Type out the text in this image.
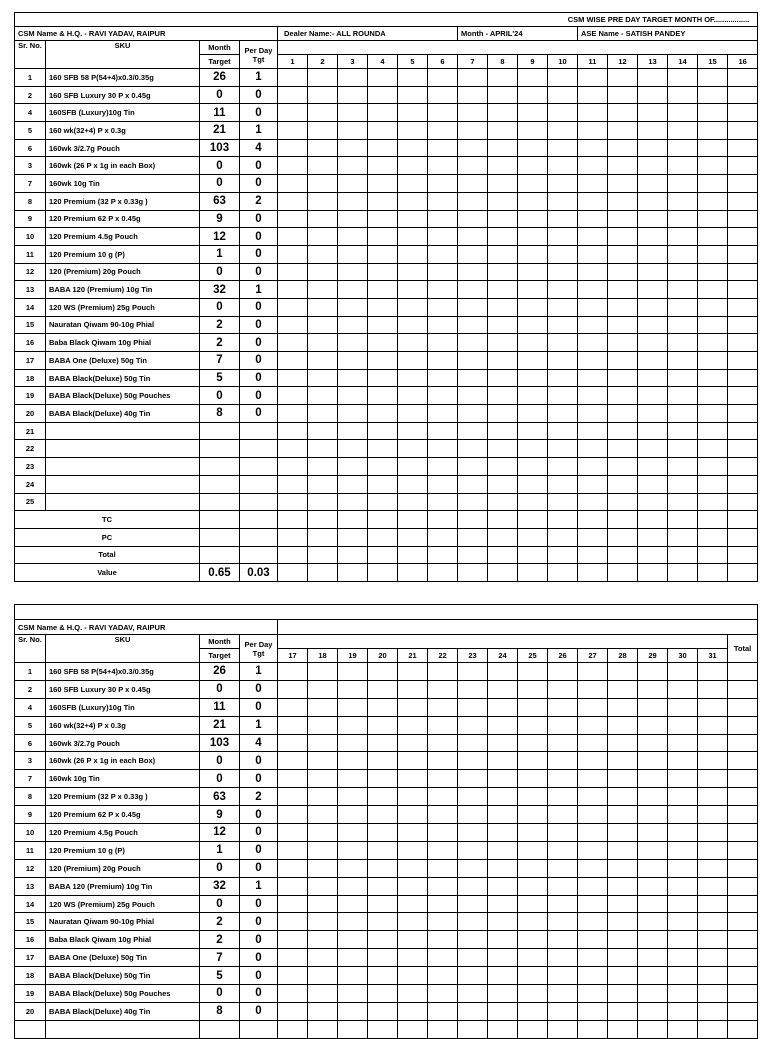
CSM WISE PRE DAY TARGET MONTH OF.................																			
CSM Name & H.Q. - RAVI YADAV, RAIPUR				Dealer Name:- ALL ROUNDA						Month - APRIL'24				ASE Name - SATISH PANDEY					
Sr. No.	SKU	Month	Per Day
Tgt																

		Target		1	2	3	4	5	6	7	8	9	10	11	12	13	14	15	16
1	160 SFB 58 P(54+4)x0.3/0.35g	26	1																
2	160 SFB Luxury 30 P x 0.45g	0	0																
4	160SFB (Luxury)10g Tin	11	0																
5	160 wk(32+4) P x 0.3g	21	1																
6	160wk 3/2.7g Pouch	103	4																
3	160wk (26 P x 1g in each Box)	0	0																
7	160wk 10g Tin	0	0																
8	120 Premium (32 P x 0.33g )	63	2																
9	120 Premium 62 P x 0.45g	9	0																
10	120 Premium 4.5g Pouch	12	0																
11	120 Premium 10 g (P)	1	0																
12	120 (Premium) 20g Pouch	0	0																
13	BABA 120 (Premium) 10g Tin	32	1																
14	120 WS (Premium) 25g Pouch	0	0																
15	Nauratan Qiwam 90-10g Phial	2	0																
16	Baba Black Qiwam 10g Phial	2	0																
17	BABA One (Deluxe) 50g Tin	7	0																
18	BABA Black(Deluxe) 50g Tin	5	0																
19	BABA Black(Deluxe) 50g Pouches	0	0																
20	BABA Black(Deluxe) 40g Tin	8	0																
21																			
22																			
23																			
24																			
25																			
TC																			
PC																			
Total																			
Value		0.65	0.03																

CSM Name & H.Q. - RAVI YADAV, RAIPUR																			
Sr. No.	SKU	Month	Per Day
Tgt																Total
		Target		17	18	19	20	21	22	23	24	25	26	27	28	29	30	31	
1	160 SFB 58 P(54+4)x0.3/0.35g	26	1																
2	160 SFB Luxury 30 P x 0.45g	0	0																
4	160SFB (Luxury)10g Tin	11	0																
5	160 wk(32+4) P x 0.3g	21	1																
6	160wk 3/2.7g Pouch	103	4																
3	160wk (26 P x 1g in each Box)	0	0																
7	160wk 10g Tin	0	0																
8	120 Premium (32 P x 0.33g )	63	2																
9	120 Premium 62 P x 0.45g	9	0																
10	120 Premium 4.5g Pouch	12	0																
11	120 Premium 10 g (P)	1	0																
12	120 (Premium) 20g Pouch	0	0																
13	BABA 120 (Premium) 10g Tin	32	1																
14	120 WS (Premium) 25g Pouch	0	0																
15	Nauratan Qiwam 90-10g Phial	2	0																
16	Baba Black Qiwam 10g Phial	2	0																
17	BABA One (Deluxe) 50g Tin	7	0																
18	BABA Black(Deluxe) 50g Tin	5	0																
19	BABA Black(Deluxe) 50g Pouches	0	0																
20	BABA Black(Deluxe) 40g Tin	8	0																
